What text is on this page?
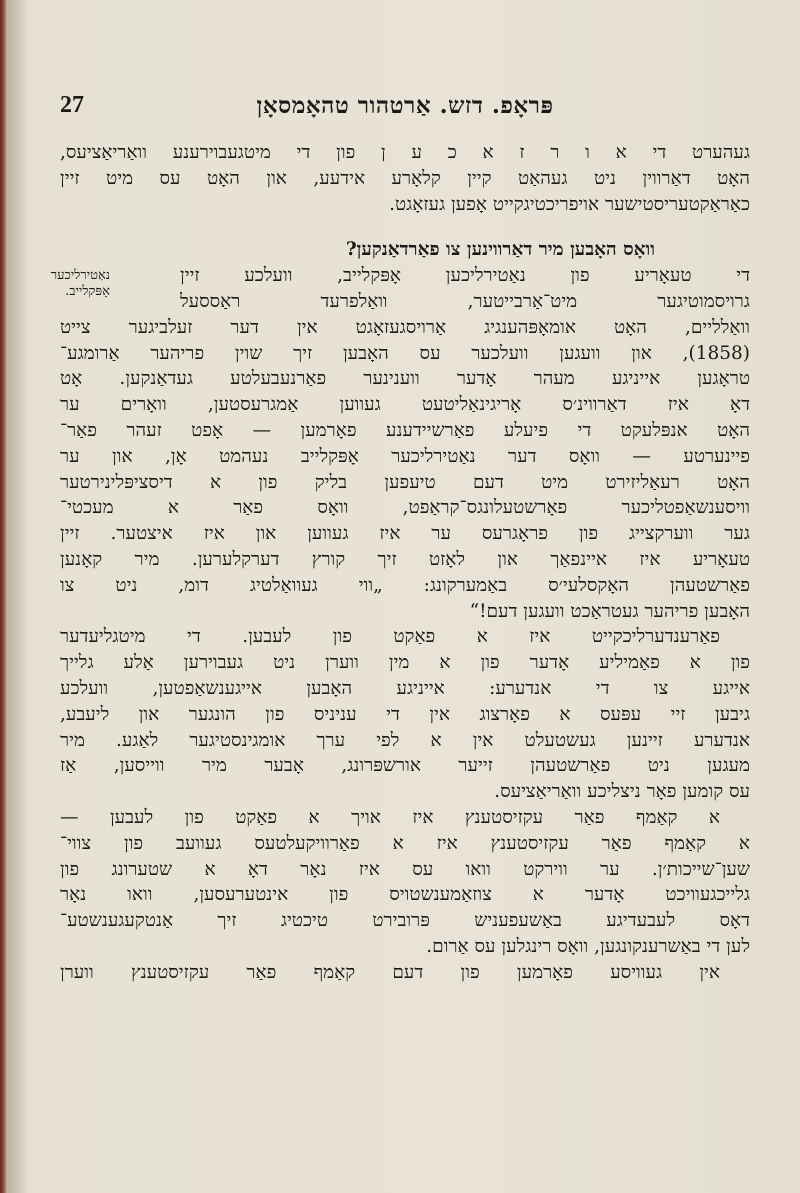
פּראָפ. דזש. אַרטהור טהאָמסאָן
27
נאַטירליכער
אָפּקלייב.
געהערט די א ו ר ז א כ ע ן פון די מיטגעבוירענע וואַריאַציעס,
האָט דאַרווין ניט געהאַט קיין קלאָרע אידעע, און האָט עס מיט זיין
כאַראַקטעריסטישער אויפריכטיגקייט אָפען געזאָגט.
וואָס האָבען מיר דאַרווינען צו פאַרדאַנקען?
די טעאָריע פון נאַטירליכען אָפּקלייב, וועלכע זיין
גרויסמוטיגער מיט־אַרבייטער, װאַלפרעד ראַססעל
וואַלליים, האָט אומאָפּהענגיג אַרויסגעזאָגט אין דער זעלביגער צייט
(1858), און וועגען וועלכער עס האָבען זיך שוין פריהער אַרומגע־
טראָגען אייניגע מעהר אָדער ווענינער פאַרנעבעלטע געדאַנקען. אָט
דאָ איז דאַרווינ׳ס אָריגינאַליטעט געווען אַמגרעסטען, וואָרים ער
האָט אנפּלעקט די פיעלע פאַרשיידענע פאָרמען — אָפט זעהר פאַר־
פיינערטע — וואָס דער נאַטירליכער אָפּקלייב נעהמט אָן, און ער
האָט רעאַליזירט מיט דעם טיעפען בליק פון א דיסציפּלינירטער
וויסענשאַפטליכער פאָרשטעלונגס־קראַפט, וואָס פאַר א מעכטי־
גער ווערקצייג פון פראָגרעס ער איז געווען און איז איצטער. זיין
טעאָריע איז איינפאַך און לאָזט זיך קורץ דערקלערען. מיר קאָנען
פאַרשטעהן האָקסלעי׳ס באַמערקונג: „ווי געוואַלטיג דומ, ניט צו
האָבען פריהער געטראַכט וועגען דעם!“
פאַרענדערליכקייט איז א פאַקט פון לעבען. די מיטגליעדער
פון א פאַמיליע אָדער פון א מין ווערן ניט געבוירען אַלע גלייך
אייגע צו די אנדערע: אייניגע האָבען אייגענשאַפטען, וועלכע
גיבען זיי עפּעס א פאָרצוג אין די עניניס פון הונגער און ליעבע,
אנדערע זיינען געשטעלט אין א לפי ערך אומגינסטיגער לאַגע. מיר
מעגען ניט פאַרשטעהן זייער אורשפּרונג, אָבער מיר ווייסען, אַז
עס קומען פאָר ניצליכע וואַריאַציעס.
א קאַמף פאַר עקזיסטענץ איז אויך א פאַקט פון לעבען —
א קאַמף פאַר עקזיסטענץ איז א פאַרוויקעלטעס געוועב פון צווי־
שען־שייכות׳ן. ער ווירקט וואו עס איז נאָר דאָ א שטערונג פון
גלייכגעוויכט אָדער א צוזאַמענשטויס פון אינטערעסען, וואו נאָר
דאָס לעבעדיגע באַשעפעניש פּרובירט טיכטיג זיך אַנטקעגענשטע־
לען די באַשרענקונגען, וואָס רינגלען עס אַרום.
אין געוויסע פאָרמען פון דעם קאַמף פאַר עקזיסטענץ ווערן
